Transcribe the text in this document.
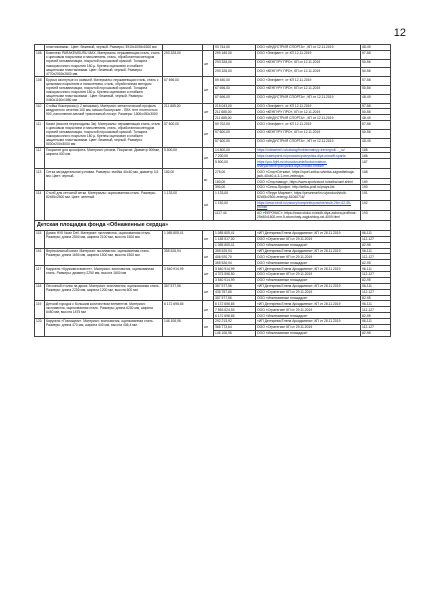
12
	пластиковыми . Цвет: бежевый, черный. Размеры: 3910х1098х1500 мм			93 744,00	ООО «ИНДУСТРИЯ СПОРТА» , КП от 12.11.2019	48-49
106	Комплекс PARAKEMSURU MAX. Материалы: нержавеющая сталь, сталь с цинковым покрытием и напылением, сталь, обработанная методом горячей гальванизации, покрытой порошковой краской. Толщина лакокрасочного покрытия 180 µ. Крепеж оцинкован и снабжен защитными пластиковыми. Цвет: бежевый, черный. Размеры: 4770х2900х2600 мм.	293 328,00	шт	299 185,00	ООО «Элефант», от КП 12.11.2019	57-58
				293 328,00	ООО «КЕНГУРУ ПРО», КП от 12.11.2019	50-56
				293 328,00	ООО «КЕНГУРУ ПРО», КП от 12.11.2019	50-56
108	Брусья изогнутые со скамьей. Материалы: нержавеющая сталь, сталь с цинковым покрытием и напылением, сталь, обработанная методом горячей гальванизации, покрытой порошковой краской. Толщина лакокрасочного покрытия 180 µ. Крепеж оцинкован и снабжен защитными пластиковыми . Цвет: бежевый, черный. Размеры: 3460х1160х1860 мм	67 696,00	шт	89 450,00	ООО «Элефант», от КП 12.11.2019	57-58
				67 696,00	ООО «КЕНГУРУ ПРО», КП от 12.11.2019	50-56
				67 696,00	ООО «ИНДУСТРИЯ СПОРТА» , КП от 12.11.2019	48-49
110	Стойка боксерская (с 2 мешками). Материал: металлический профиль квадратного сечения 100 мм, мешки боксерские - ПВХ тент плотностью 900, наполнение-мелкий трикотажный лоскут. Размеры: 1800х450х3000	211 685,00	шт	215 043,00	ООО «Элефант», от КП 12.11.2019	57-58
				211 685,00	ООО «КЕНГУРУ ПРО», КП от 12.11.2019	50-56
				211 685,00	ООО «ИНДУСТРИЯ СПОРТА» , КП от 12.11.2019	48-49
111	Качел (высота перекладины 3м). Материалы: нержавеющая сталь, сталь с цинковым покрытием и напылением, сталь, обработанная методом горячей гальванизации, покрытой порошковой краской. Толщина лакокрасочного покрытия 180 µ. Крепеж оцинкован и снабжен защитными пластиковыми. Цвет: бежевый, черный. Размеры: 5000х200х3000 мм	57 600,00	шт	59 702,00	ООО «Элефант», от КП 12.11.2019	57-58
				57 600,00	ООО «КЕНГУРУ ПРО», КП от 12.11.2019	50-56
				57 600,00	ООО «ИНДУСТРИЯ СПОРТА» , КП от 12.11.2019	48-49
112	Покрытие для кроссфита. Материал: резина. Покрытие. Диаметр 900мм, ширина 400 мм.	5 500,00	шт	14 800,00	https://mbbarbell.ru/catalog/funktsionalnyy-treningroll/..._ru/	185
				7 200,00	https://salesports.ru/products/pokryshka-dlya-crossfit-sparta	186
				5 500,00	https://pro-fight.ru/oborudovanie/funkcionalnoe-snaryazhenie/pokryshka-dlya-crossfit-krossfit	187
113	Сетка заградительная узловая. Размеры: ячейка 40х40 мм, диаметр 3,5 мм. Цвет: черный.	180,00	м²	275,00	ООО «СпортСеткам», https://sport-setka.ru/setka-zagraditelnaja-jach-40x40-d-3-1-mm-zelenaya	188
				180,00	ООО «Спортзавод», https://www.sportzavod.ru/setka/uzel.shtml	189
				390,00	ООО «Сетка-Профи», http://setka-profi.ru/prays-list	190
114	Столб для сетчатой сетки. Материалы: оцинкованная сталь. Размеры: 82x55x2500 мм. Цвет: зеленый.	1 133,00	шт	1 133,00	ООО «Перун Марлин», https://perunmarlin.ru/product/stolb-82x55x2500-zelenyy-81060716/	191
				1 152,00	https://www.stroit.ru/zabory/komplektuyuschie/stolb-25m-62-55-porosh	192
				1117.44	АО «ФЕРОКАС», https://www.stolux.ru/stolb-dlya-zabora-profilnoe-25x50x1800-mm-5-stvorchaty-zaglushkoy-rat-4009.html	193
Детская площадка фонда «Обнаженные сердца»						
115	Домик НУК Noah Dell. Материал: эксплавстик, оцинкованная сталь. Размеры: длина 2500 мм, ширина 2100 мм, высота 1500 мм.	1 085 805,41	шт	1 085 805,41	«ИП Дегтярева Елена Аркадьевна», КП от 28.11.2019	96-111
				1 185 517,00	ООО «Стратегия» КП от 29.11.2019	112-127
				1 085 805,41	ООО «Инклюзивные площадки»	82-95
116	Вертикальный канат. Материал: эксплавстик, оцинкованная сталь. Размеры: длина 1650 мм, ширина 1500 мм, высота 1500 мм	355 526,94	шт	355 526,94	«ИП Дегтярева Елена Аркадьевна», КП от 28.11.2019	96-111
				406 920,70	ООО «Стратегия» КП от 29.11.2019	112-127
				355 526,94	ООО «Инклюзивные площадки»	82-95
117	Карусель «Кружимся вместе». Материал: эксплавстик, оцинкованная сталь. Размеры: диаметр 2250 мм, высота 1800 мм	3 540 914,99	шт	3 540 914,99	«ИП Дегтярева Елена Аркадьевна», КП от 28.11.2019	96-111
				4 373 598,50	ООО «Стратегия» КП от 29.11.2019	112-127
				3 540 914,99	ООО «Инклюзивные площадки»	82-95
118	Песочный столик на двоих. Материал: эксплавстик, оцинкованная сталь. Размеры: длина 2250 мм, ширина 1200 мм, высота 600 мм	357 577,56	шт	357 577,56	«ИП Дегтярева Елена Аркадьевна», КП от 28.11.2019	96-111
				435 757,80	ООО «Стратегия» КП от 29.11.2019	112-127
				357 577,56	ООО «Инклюзивные площадки»	82-95
119	Детский городок с большим количеством элементов. Материал: эксплавстик, оцинкованная сталь. Размеры: длина 6200 мм, ширина 6450 мм, высота 1875 мм	6 172 698,65	шт	6 172 698,65	«ИП Дегтярева Елена Аркадьевна», КП от 28.11.2019	96-111
				7 553 024,93	ООО «Стратегия» КП от 29.11.2019	112-127
				6 172 698,65	ООО «Инклюзивные площадки»	82-95
120	Карусель «Помощник». Материал: эксплавстик, оцинкованная сталь. Размеры: длина 470 мм, ширина 440 мм, высота 406,4 мм.	146 106,96	шт	292 213,92	«ИП Дегтярева Елена Аркадьевна», КП от 28.11.2019	96-111
				365 773,64	ООО «Стратегия» КП от 29.11.2019	112-127
				146 106,96	ООО «Инклюзивные площадки»	82-95
